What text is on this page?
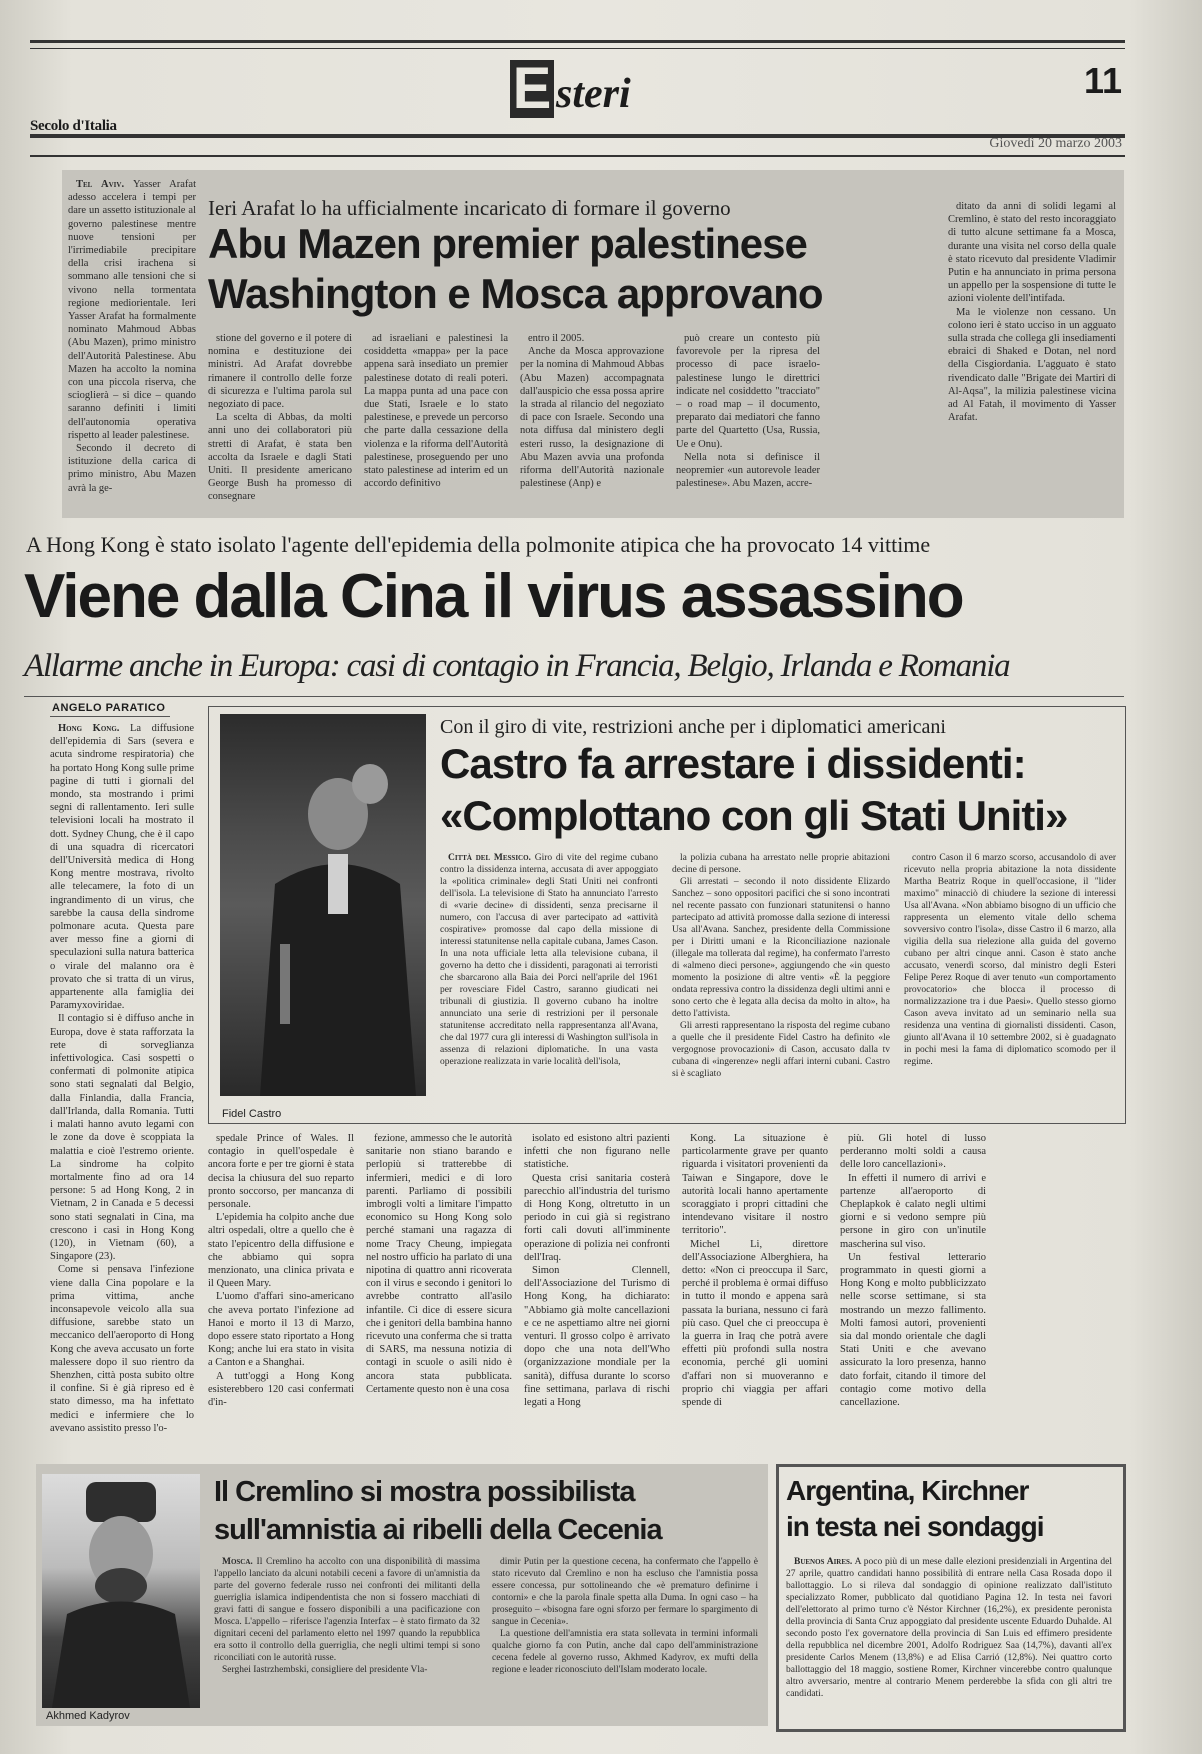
E steri	11
Secolo d'Italia
Giovedì 20 marzo 2003

Tel Aviv. Yasser Arafat adesso accelera i tempi per dare un assetto istituzionale al governo palestinese mentre nuove tensioni per l'irrimediabile precipitare della crisi irachena si sommano alle tensioni che si vivono nella tormentata regione mediorientale. Ieri Yasser Arafat ha formalmente nominato Mahmoud Abbas (Abu Mazen), primo ministro dell'Autorità Palestinese. Abu Mazen ha accolto la nomina con una piccola riserva, che scioglierà – si dice – quando saranno definiti i limiti dell'autonomia operativa rispetto al leader palestinese.

Secondo il decreto di istituzione della carica di primo ministro, Abu Mazen avrà la ge-

Ieri Arafat lo ha ufficialmente incaricato di formare il governo
Abu Mazen premier palestinese
Washington e Mosca approvano

stione del governo e il potere di nomina e destituzione dei ministri. Ad Arafat dovrebbe rimanere il controllo delle forze di sicurezza e l'ultima parola sul negoziato di pace.

La scelta di Abbas, da molti anni uno dei collaboratori più stretti di Arafat, è stata ben accolta da Israele e dagli Stati Uniti. Il presidente americano George Bush ha promesso di consegnare

ad israeliani e palestinesi la cosiddetta «mappa» per la pace appena sarà insediato un premier palestinese dotato di reali poteri. La mappa punta ad una pace con due Stati, Israele e lo stato palestinese, e prevede un percorso che parte dalla cessazione della violenza e la riforma dell'Autorità palestinese, proseguendo per uno stato palestinese ad interim ed un accordo definitivo

entro il 2005.

Anche da Mosca approvazione per la nomina di Mahmoud Abbas (Abu Mazen) accompagnata dall'auspicio che essa possa aprire la strada al rilancio del negoziato di pace con Israele. Secondo una nota diffusa dal ministero degli esteri russo, la designazione di Abu Mazen avvia una profonda riforma dell'Autorità nazionale palestinese (Anp) e

può creare un contesto più favorevole per la ripresa del processo di pace israelo-palestinese lungo le direttrici indicate nel cosiddetto "tracciato" – o road map – il documento, preparato dai mediatori che fanno parte del Quartetto (Usa, Russia, Ue e Onu).

Nella nota si definisce il neopremier «un autorevole leader palestinese». Abu Mazen, accre-

ditato da anni di solidi legami al Cremlino, è stato del resto incoraggiato di tutto alcune settimane fa a Mosca, durante una visita nel corso della quale è stato ricevuto dal presidente Vladimir Putin e ha annunciato in prima persona un appello per la sospensione di tutte le azioni violente dell'intifada.

Ma le violenze non cessano. Un colono ieri è stato ucciso in un agguato sulla strada che collega gli insediamenti ebraici di Shaked e Dotan, nel nord della Cisgiordania. L'agguato è stato rivendicato dalle "Brigate dei Martiri di Al-Aqsa", la milizia palestinese vicina ad Al Fatah, il movimento di Yasser Arafat.

A Hong Kong è stato isolato l'agente dell'epidemia della polmonite atipica che ha provocato 14 vittime
Viene dalla Cina il virus assassino
Allarme anche in Europa: casi di contagio in Francia, Belgio, Irlanda e Romania
ANGELO PARATICO

Hong Kong. La diffusione dell'epidemia di Sars (severa e acuta sindrome respiratoria) che ha portato Hong Kong sulle prime pagine di tutti i giornali del mondo, sta mostrando i primi segni di rallentamento. Ieri sulle televisioni locali ha mostrato il dott. Sydney Chung, che è il capo di una squadra di ricercatori dell'Università medica di Hong Kong mentre mostrava, rivolto alle telecamere, la foto di un ingrandimento di un virus, che sarebbe la causa della sindrome polmonare acuta. Questa pare aver messo fine a giorni di speculazioni sulla natura batterica o virale del malanno ora è provato che si tratta di un virus, appartenente alla famiglia dei Paramyxoviridae.

Il contagio si è diffuso anche in Europa, dove è stata rafforzata la rete di sorveglianza infettivologica. Casi sospetti o confermati di polmonite atipica sono stati segnalati dal Belgio, dalla Finlandia, dalla Francia, dall'Irlanda, dalla Romania. Tutti i malati hanno avuto legami con le zone da dove è scoppiata la malattia e cioè l'estremo oriente. La sindrome ha colpito mortalmente fino ad ora 14 persone: 5 ad Hong Kong, 2 in Vietnam, 2 in Canada e 5 decessi sono stati segnalati in Cina, ma crescono i casi in Hong Kong (120), in Vietnam (60), a Singapore (23).

Come si pensava l'infezione viene dalla Cina popolare e la prima vittima, anche inconsapevole veicolo alla sua diffusione, sarebbe stato un meccanico dell'aeroporto di Hong Kong che aveva accusato un forte malessere dopo il suo rientro da Shenzhen, città posta subito oltre il confine. Si è già ripreso ed è stato dimesso, ma ha infettato medici e infermiere che lo avevano assistito presso l'o-

Fidel Castro
Con il giro di vite, restrizioni anche per i diplomatici americani
Castro fa arrestare i dissidenti:
«Complottano con gli Stati Uniti»

Città del Messico. Giro di vite del regime cubano contro la dissidenza interna, accusata di aver appoggiato la «politica criminale» degli Stati Uniti nei confronti dell'isola. La televisione di Stato ha annunciato l'arresto di «varie decine» di dissidenti, senza precisarne il numero, con l'accusa di aver partecipato ad «attività cospirative» promosse dal capo della missione di interessi statunitense nella capitale cubana, James Cason. In una nota ufficiale letta alla televisione cubana, il governo ha detto che i dissidenti, paragonati ai terroristi che sbarcarono alla Baia dei Porci nell'aprile del 1961 per rovesciare Fidel Castro, saranno giudicati nei tribunali di giustizia. Il governo cubano ha inoltre annunciato una serie di restrizioni per il personale statunitense accreditato nella rappresentanza all'Avana, che dal 1977 cura gli interessi di Washington sull'isola in assenza di relazioni diplomatiche. In una vasta operazione realizzata in varie località dell'isola,

la polizia cubana ha arrestato nelle proprie abitazioni decine di persone.

Gli arrestati – secondo il noto dissidente Elizardo Sanchez – sono oppositori pacifici che si sono incontrati nel recente passato con funzionari statunitensi o hanno partecipato ad attività promosse dalla sezione di interessi Usa all'Avana. Sanchez, presidente della Commissione per i Diritti umani e la Riconciliazione nazionale (illegale ma tollerata dal regime), ha confermato l'arresto di «almeno dieci persone», aggiungendo che «in questo momento la posizione di altre venti» «È la peggiore ondata repressiva contro la dissidenza degli ultimi anni e sono certo che è legata alla decisa da molto in alto», ha detto l'attivista.

Gli arresti rappresentano la risposta del regime cubano a quelle che il presidente Fidel Castro ha definito «le vergognose provocazioni» di Cason, accusato dalla tv cubana di «ingerenze» negli affari interni cubani. Castro si è scagliato

contro Cason il 6 marzo scorso, accusandolo di aver ricevuto nella propria abitazione la nota dissidente Martha Beatriz Roque in quell'occasione, il "lider maximo" minacciò di chiudere la sezione di interessi Usa all'Avana. «Non abbiamo bisogno di un ufficio che rappresenta un elemento vitale dello schema sovversivo contro l'isola», disse Castro il 6 marzo, alla vigilia della sua rielezione alla guida del governo cubano per altri cinque anni. Cason è stato anche accusato, venerdì scorso, dal ministro degli Esteri Felipe Perez Roque di aver tenuto «un comportamento provocatorio» che blocca il processo di normalizzazione tra i due Paesi». Quello stesso giorno Cason aveva invitato ad un seminario nella sua residenza una ventina di giornalisti dissidenti. Cason, giunto all'Avana il 10 settembre 2002, si è guadagnato in pochi mesi la fama di diplomatico scomodo per il regime.

spedale Prince of Wales. Il contagio in quell'ospedale è ancora forte e per tre giorni è stata decisa la chiusura del suo reparto pronto soccorso, per mancanza di personale.

L'epidemia ha colpito anche due altri ospedali, oltre a quello che è stato l'epicentro della diffusione e che abbiamo qui sopra menzionato, una clinica privata e il Queen Mary.

L'uomo d'affari sino-americano che aveva portato l'infezione ad Hanoi e morto il 13 di Marzo, dopo essere stato riportato a Hong Kong; anche lui era stato in visita a Canton e a Shanghai.

A tutt'oggi a Hong Kong esisterebbero 120 casi confermati d'in-

fezione, ammesso che le autorità sanitarie non stiano barando e perlopiù si tratterebbe di infermieri, medici e di loro parenti. Parliamo di possibili imbrogli volti a limitare l'impatto economico su Hong Kong solo perché stamani una ragazza di nome Tracy Cheung, impiegata nel nostro ufficio ha parlato di una nipotina di quattro anni ricoverata con il virus e secondo i genitori lo avrebbe contratto all'asilo infantile. Ci dice di essere sicura che i genitori della bambina hanno ricevuto una conferma che si tratta di SARS, ma nessuna notizia di contagi in scuole o asili nido è ancora stata pubblicata. Certamente questo non è una cosa

isolato ed esistono altri pazienti infetti che non figurano nelle statistiche.

Questa crisi sanitaria costerà parecchio all'industria del turismo di Hong Kong, oltretutto in un periodo in cui già si registrano forti cali dovuti all'imminente operazione di polizia nei confronti dell'Iraq.

Simon Clennell, dell'Associazione del Turismo di Hong Kong, ha dichiarato: "Abbiamo già molte cancellazioni e ce ne aspettiamo altre nei giorni venturi. Il grosso colpo è arrivato dopo che una nota dell'Who (organizzazione mondiale per la sanità), diffusa durante lo scorso fine settimana, parlava di rischi legati a Hong

Kong. La situazione è particolarmente grave per quanto riguarda i visitatori provenienti da Taiwan e Singapore, dove le autorità locali hanno apertamente scoraggiato i propri cittadini che intendevano visitare il nostro territorio".

Michel Li, direttore dell'Associazione Alberghiera, ha detto: «Non ci preoccupa il Sarc, perché il problema è ormai diffuso in tutto il mondo e appena sarà passata la buriana, nessuno ci farà più caso. Quel che ci preoccupa è la guerra in Iraq che potrà avere effetti più profondi sulla nostra economia, perché gli uomini d'affari non si muoveranno e proprio chi viaggia per affari spende di

più. Gli hotel di lusso perderanno molti soldi a causa delle loro cancellazioni».

In effetti il numero di arrivi e partenze all'aeroporto di Cheplapkok è calato negli ultimi giorni e si vedono sempre più persone in giro con un'inutile mascherina sul viso.

Un festival letterario programmato in questi giorni a Hong Kong e molto pubblicizzato nelle scorse settimane, si sta mostrando un mezzo fallimento. Molti famosi autori, provenienti sia dal mondo orientale che dagli Stati Uniti e che avevano assicurato la loro presenza, hanno dato forfait, citando il timore del contagio come motivo della cancellazione.

Akhmed Kadyrov
Il Cremlino si mostra possibilista
sull'amnistia ai ribelli della Cecenia

Mosca. Il Cremlino ha accolto con una disponibilità di massima l'appello lanciato da alcuni notabili ceceni a favore di un'amnistia da parte del governo federale russo nei confronti dei militanti della guerriglia islamica indipendentista che non si fossero macchiati di gravi fatti di sangue e fossero disponibili a una pacificazione con Mosca. L'appello – riferisce l'agenzia Interfax – è stato firmato da 32 dignitari ceceni del parlamento eletto nel 1997 quando la repubblica era sotto il controllo della guerriglia, che negli ultimi tempi si sono riconciliati con le autorità russe.

Serghei Iastrzhembski, consigliere del presidente Vla-

dimir Putin per la questione cecena, ha confermato che l'appello è stato ricevuto dal Cremlino e non ha escluso che l'amnistia possa essere concessa, pur sottolineando che «è prematuro definirne i contorni» e che la parola finale spetta alla Duma. In ogni caso – ha proseguito – «bisogna fare ogni sforzo per fermare lo spargimento di sangue in Cecenia».

La questione dell'amnistia era stata sollevata in termini informali qualche giorno fa con Putin, anche dal capo dell'amministrazione cecena fedele al governo russo, Akhmed Kadyrov, ex mufti della regione e leader riconosciuto dell'Islam moderato locale.

Argentina, Kirchner
in testa nei sondaggi

Buenos Aires. A poco più di un mese dalle elezioni presidenziali in Argentina del 27 aprile, quattro candidati hanno possibilità di entrare nella Casa Rosada dopo il ballottaggio. Lo si rileva dal sondaggio di opinione realizzato dall'istituto specializzato Romer, pubblicato dal quotidiano Pagina 12. In testa nei favori dell'elettorato al primo turno c'è Néstor Kirchner (16,2%), ex presidente peronista della provincia di Santa Cruz appoggiato dal presidente uscente Eduardo Duhalde. Al secondo posto l'ex governatore della provincia di San Luis ed effimero presidente della repubblica nel dicembre 2001, Adolfo Rodriguez Saa (14,7%), davanti all'ex presidente Carlos Menem (13,8%) e ad Elisa Carrió (12,8%). Nei quattro corto ballottaggio del 18 maggio, sostiene Romer, Kirchner vincerebbe contro qualunque altro avversario, mentre al contrario Menem perderebbe la sfida con gli altri tre candidati.
